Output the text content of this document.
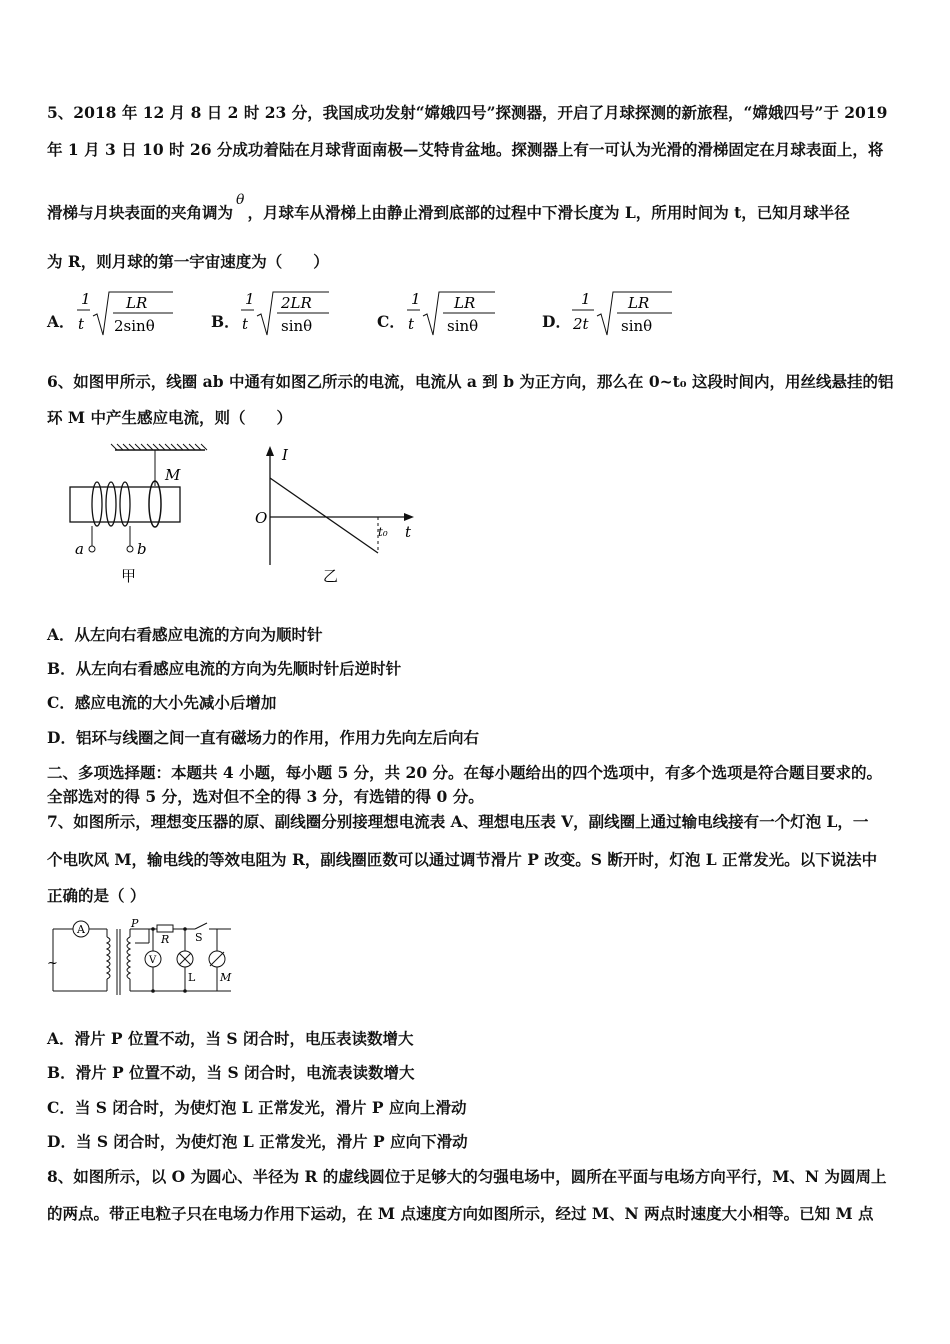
5、2018 年 12 月 8 日 2 时 23 分，我国成功发射“嫦娥四号”探测器，开启了月球探测的新旅程，“嫦娥四号”于 2019
年 1 月 3 日 10 时 26 分成功着陆在月球背面南极—艾特肯盆地。探测器上有一可认为光滑的滑梯固定在月球表面上，将
滑梯与月块表面的夹角调为θ，月球车从滑梯上由静止滑到底部的过程中下滑长度为 L，所用时间为 t，已知月球半径
为 R，则月球的第一宇宙速度为（　　）
A．
1
t
LR
2sinθ	B．
1
t
2LR
sinθ	C．
1
t
LR
sinθ	D．
1
2t
LR
sinθ
6、如图甲所示，线圈 ab 中通有如图乙所示的电流，电流从 a 到 b 为正方向，那么在 0~t₀ 这段时间内，用丝线悬挂的铝
环 M 中产生感应电流，则（　　）
M
a	b
甲
I
O
t
t₀
乙
A．从左向右看感应电流的方向为顺时针
B．从左向右看感应电流的方向为先顺时针后逆时针
C．感应电流的大小先减小后增加
D．铝环与线圈之间一直有磁场力的作用，作用力先向左后向右
二、多项选择题：本题共 4 小题，每小题 5 分，共 20 分。在每小题给出的四个选项中，有多个选项是符合题目要求的。
全部选对的得 5 分，选对但不全的得 3 分，有选错的得 0 分。
7、如图所示，理想变压器的原、副线圈分别接理想电流表 A、理想电压表 V，副线圈上通过输电线接有一个灯泡 L，一
个电吹风 M，输电线的等效电阻为 R，副线圈匝数可以通过调节滑片 P 改变。S 断开时，灯泡 L 正常发光。以下说法中
正确的是（ ）
A
~
P
R S
V
L M
A．滑片 P 位置不动，当 S 闭合时，电压表读数增大
B．滑片 P 位置不动，当 S 闭合时，电流表读数增大
C．当 S 闭合时，为使灯泡 L 正常发光，滑片 P 应向上滑动
D．当 S 闭合时，为使灯泡 L 正常发光，滑片 P 应向下滑动
8、如图所示，以 O 为圆心、半径为 R 的虚线圆位于足够大的匀强电场中，圆所在平面与电场方向平行，M、N 为圆周上
的两点。带正电粒子只在电场力作用下运动，在 M 点速度方向如图所示，经过 M、N 两点时速度大小相等。已知 M 点
